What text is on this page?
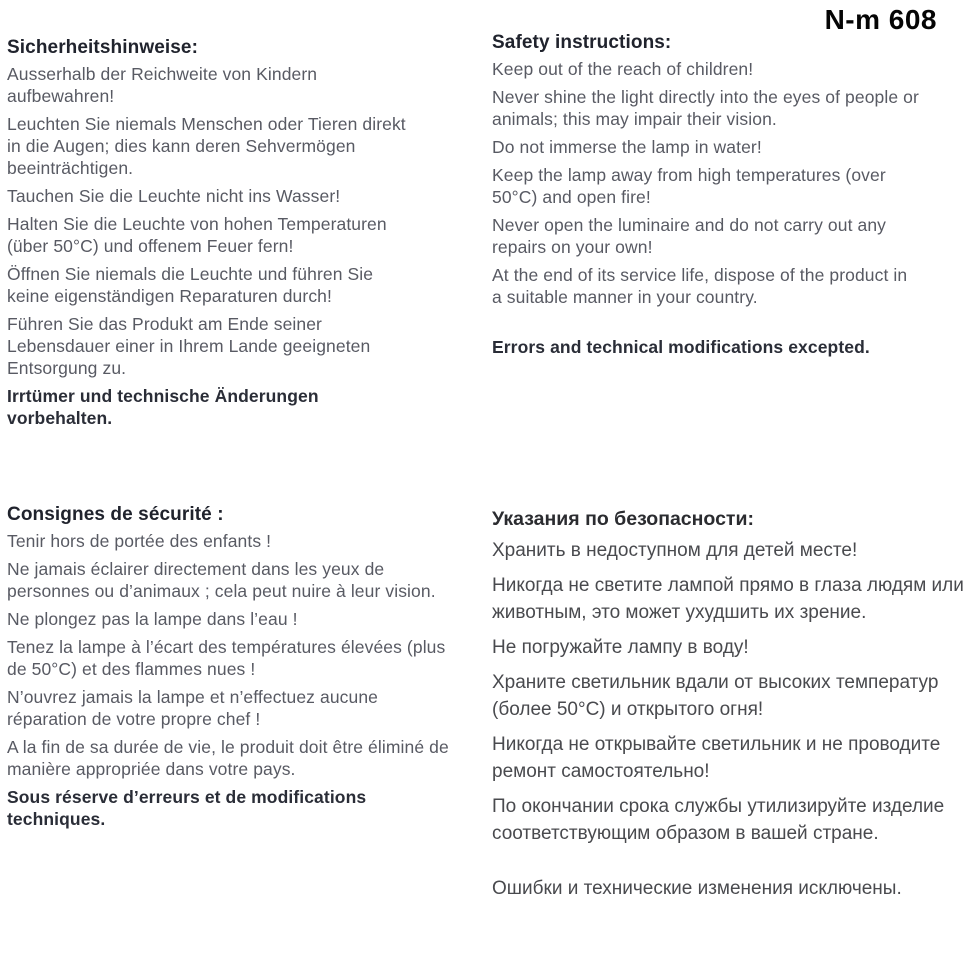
N-m 608
Sicherheitshinweise:

Ausserhalb der Reichweite von Kindern aufbewahren!

Leuchten Sie niemals Menschen oder Tieren direkt in die Augen; dies kann deren Sehvermögen beeinträchtigen.

Tauchen Sie die Leuchte nicht ins Wasser!

Halten Sie die Leuchte von hohen Temperaturen (über 50°C) und offenem Feuer fern!

Öffnen Sie niemals die Leuchte und führen Sie keine eigenständigen Reparaturen durch!

Führen Sie das Produkt am Ende seiner Lebensdauer einer in Ihrem Lande geeigneten Entsorgung zu.

Irrtümer und technische Änderungen vorbehalten.

Safety instructions:

Keep out of the reach of children!

Never shine the light directly into the eyes of people or animals; this may impair their vision.

Do not immerse the lamp in water!

Keep the lamp away from high temperatures (over 50°C) and open fire!

Never open the luminaire and do not carry out any repairs on your own!

At the end of its service life, dispose of the product in a suitable manner in your country.

Errors and technical modifications excepted.

Consignes de sécurité :

Tenir hors de portée des enfants !

Ne jamais éclairer directement dans les yeux de personnes ou d’animaux ; cela peut nuire à leur vision.

Ne plongez pas la lampe dans l’eau !

Tenez la lampe à l’écart des températures élevées (plus de 50°C) et des flammes nues !

N’ouvrez jamais la lampe et n’effectuez aucune réparation de votre propre chef !

A la fin de sa durée de vie, le produit doit être éliminé de manière appropriée dans votre pays.

Sous réserve d’erreurs et de modifications techniques.

Указания по безопасности:

Хранить в недоступном для детей месте!

Никогда не светите лампой прямо в глаза людям или животным, это может ухудшить их зрение.

Не погружайте лампу в воду!

Храните светильник вдали от высоких температур (более 50°C) и открытого огня!

Никогда не открывайте светильник и не проводите ремонт самостоятельно!

По окончании срока службы утилизируйте изделие соответствующим образом в вашей стране.

Ошибки и технические изменения исключены.
